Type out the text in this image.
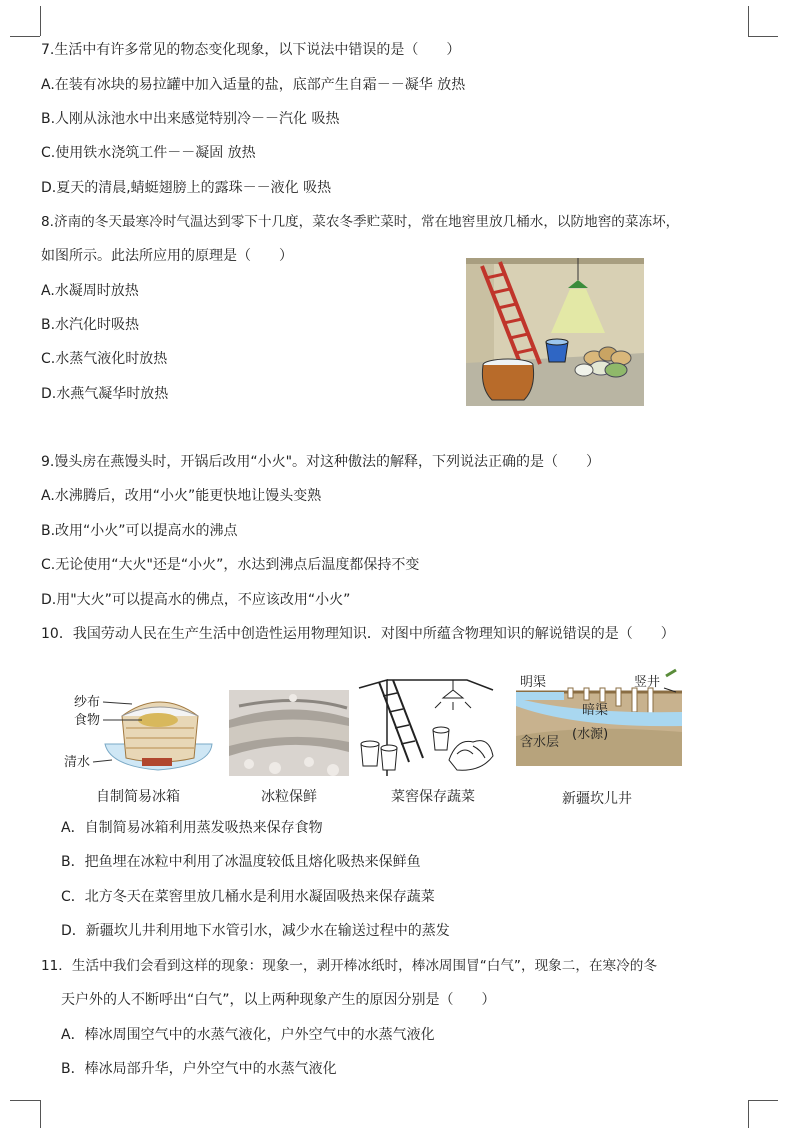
7.生活中有许多常见的物态变化现象，以下说法中错误的是（　　）
A.在装有冰块的易拉罐中加入适量的盐，底部产生自霜－－凝华 放热
B.人刚从泳池水中出来感觉特别冷－－汽化 吸热
C.使用铁水浇筑工件－－凝固 放热
D.夏天的清晨,蜻蜓翅膀上的露珠－－液化 吸热
8.济南的冬天最寒冷时气温达到零下十几度，菜农冬季贮菜时，常在地窖里放几桶水，以防地窖的菜冻坏，
如图所示。此法所应用的原理是（　　）
A.水凝周时放热
B.水汽化时吸热
C.水蒸气液化时放热
D.水燕气凝华时放热
9.馒头房在燕馒头时，开锅后改用“小火"。对这种傲法的解释，下列说法正确的是（　　）
A.水沸腾后，改用“小火”能更快地让馒头变熟
B.改用“小火”可以提高水的沸点
C.无论使用“大火"还是“小火”，水达到沸点后温度都保持不变
D.用"大火”可以提高水的佛点，不应该改用“小火”
10．我国劳动人民在生产生活中创造性运用物理知识．对图中所蕴含物理知识的解说错误的是（　　）
纱布
食物
清水
自制简易冰箱	冰粒保鲜	菜窖保存蔬菜
明渠	竖井
暗渠
含水层
(水源)
新疆坎儿井
A．自制简易冰箱利用蒸发吸热来保存食物
B．把鱼埋在冰粒中利用了冰温度较低且熔化吸热来保鲜鱼
C．北方冬天在菜窖里放几桶水是利用水凝固吸热来保存蔬菜
D．新疆坎儿井利用地下水管引水，减少水在输送过程中的蒸发
11．生活中我们会看到这样的现象：现象一，剥开棒冰纸时，棒冰周围冒“白气”，现象二，在寒冷的冬
天户外的人不断呼出“白气”，以上两种现象产生的原因分别是（　　）
A．棒冰周围空气中的水蒸气液化，户外空气中的水蒸气液化
B．棒冰局部升华，户外空气中的水蒸气液化
